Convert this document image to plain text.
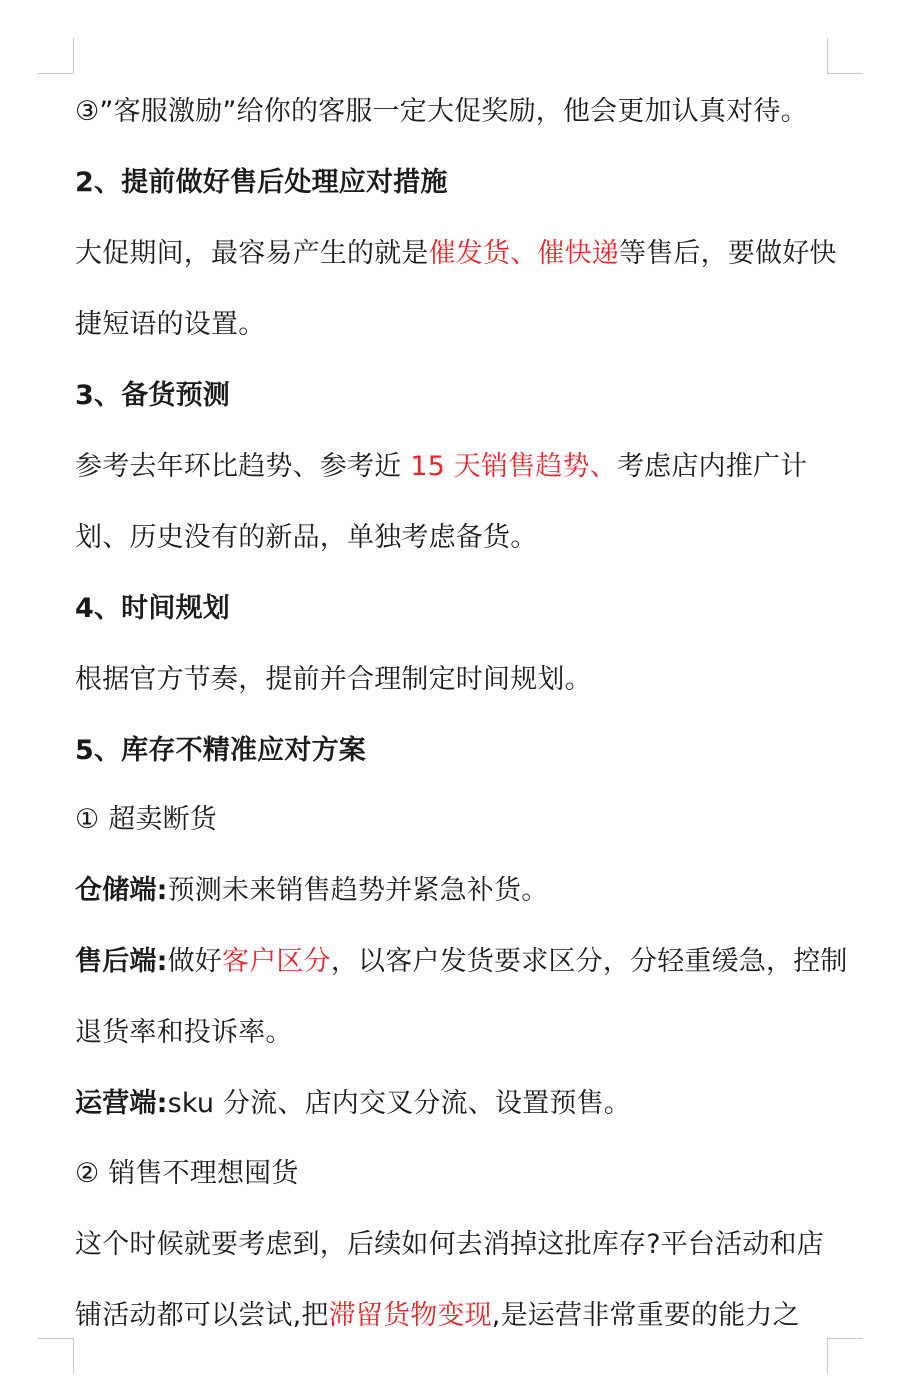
③”客服激励”给你的客服一定大促奖励，他会更加认真对待。
2、提前做好售后处理应对措施
大促期间，最容易产生的就是催发货、催快递等售后，要做好快
捷短语的设置。
3、备货预测
参考去年环比趋势、参考近 15 天销售趋势、考虑店内推广计
划、历史没有的新品，单独考虑备货。
4、时间规划
根据官方节奏，提前并合理制定时间规划。
5、库存不精准应对方案
① 超卖断货
仓储端:预测未来销售趋势并紧急补货。
售后端:做好客户区分，以客户发货要求区分，分轻重缓急，控制
退货率和投诉率。
运营端:sku 分流、店内交叉分流、设置预售。
② 销售不理想囤货
这个时候就要考虑到，后续如何去消掉这批库存?平台活动和店
铺活动都可以尝试,把滞留货物变现,是运营非常重要的能力之
